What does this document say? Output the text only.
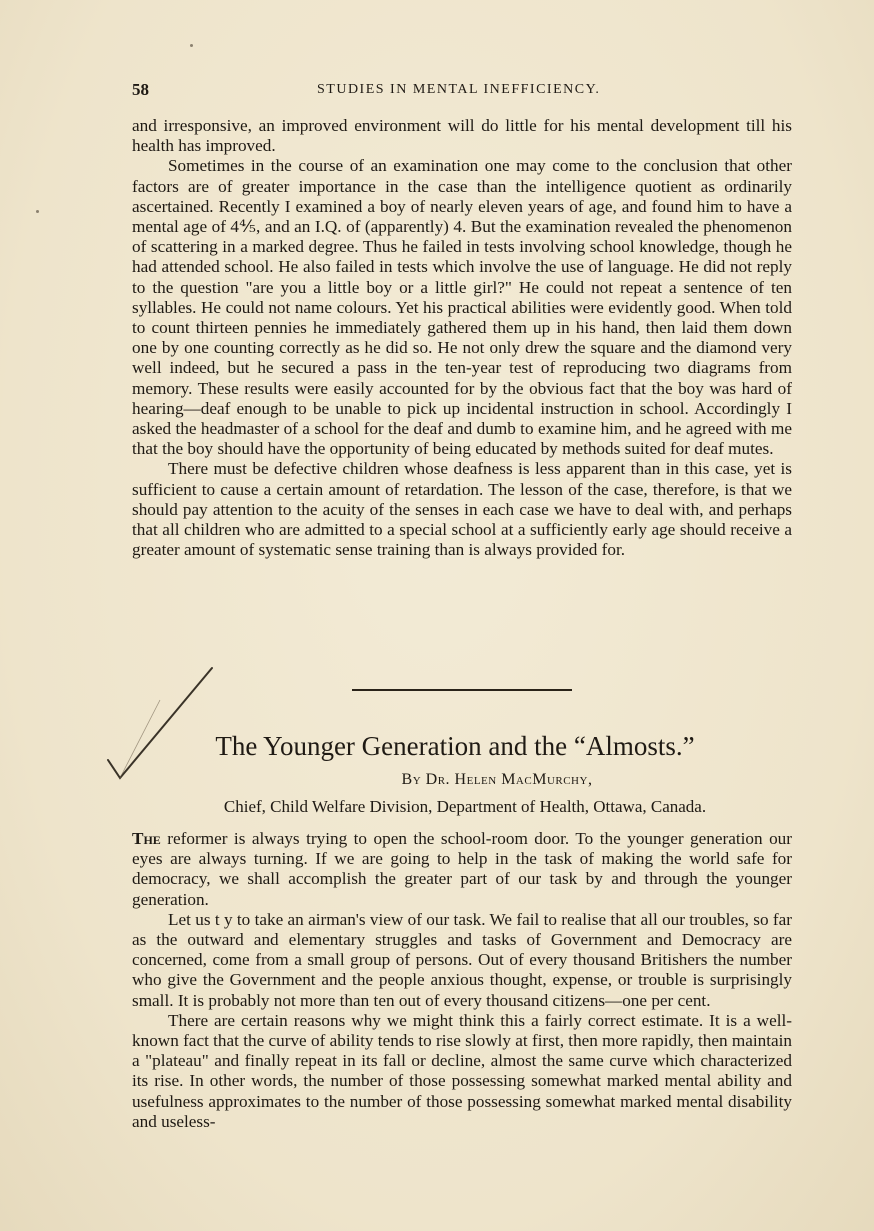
58	STUDIES IN MENTAL INEFFICIENCY.

and irresponsive, an improved environment will do little for his mental development till his health has improved.

Sometimes in the course of an examination one may come to the conclusion that other factors are of greater importance in the case than the intelligence quotient as ordinarily ascertained. Recently I examined a boy of nearly eleven years of age, and found him to have a mental age of 4⅘, and an I.Q. of (apparently) 4. But the examination revealed the phenomenon of scattering in a marked degree. Thus he failed in tests involving school knowledge, though he had attended school. He also failed in tests which involve the use of language. He did not reply to the question "are you a little boy or a little girl?" He could not repeat a sentence of ten syllables. He could not name colours. Yet his practical abilities were evidently good. When told to count thirteen pennies he immediately gathered them up in his hand, then laid them down one by one counting correctly as he did so. He not only drew the square and the diamond very well indeed, but he secured a pass in the ten-year test of reproducing two diagrams from memory. These results were easily accounted for by the obvious fact that the boy was hard of hearing—deaf enough to be unable to pick up incidental instruction in school. Accordingly I asked the headmaster of a school for the deaf and dumb to examine him, and he agreed with me that the boy should have the opportunity of being educated by methods suited for deaf mutes.

There must be defective children whose deafness is less apparent than in this case, yet is sufficient to cause a certain amount of retardation. The lesson of the case, therefore, is that we should pay attention to the acuity of the senses in each case we have to deal with, and perhaps that all children who are admitted to a special school at a sufficiently early age should receive a greater amount of systematic sense training than is always provided for.

The Younger Generation and the “Almosts.”
By Dr. Helen MacMurchy,
Chief, Child Welfare Division, Department of Health, Ottawa, Canada.

The reformer is always trying to open the school-room door. To the younger generation our eyes are always turning. If we are going to help in the task of making the world safe for democracy, we shall accomplish the greater part of our task by and through the younger generation.

Let us t y to take an airman's view of our task. We fail to realise that all our troubles, so far as the outward and elementary struggles and tasks of Government and Democracy are concerned, come from a small group of persons. Out of every thousand Britishers the number who give the Government and the people anxious thought, expense, or trouble is surprisingly small. It is probably not more than ten out of every thousand citizens—one per cent.

There are certain reasons why we might think this a fairly correct estimate. It is a well-known fact that the curve of ability tends to rise slowly at first, then more rapidly, then maintain a "plateau" and finally repeat in its fall or decline, almost the same curve which characterized its rise. In other words, the number of those possessing somewhat marked mental ability and usefulness approximates to the number of those possessing somewhat marked mental disability and useless-
